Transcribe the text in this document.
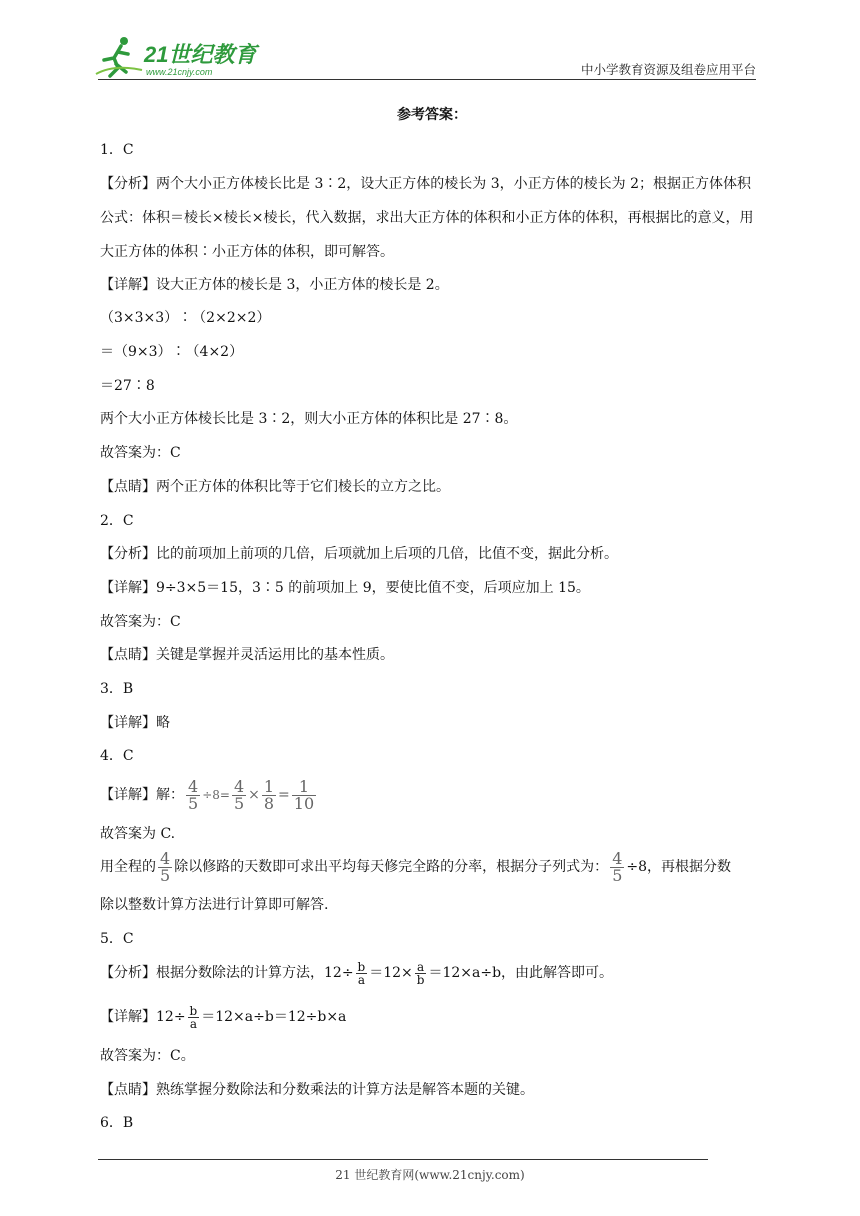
21世纪教育
www.21cnjy.com	中小学教育资源及组卷应用平台
参考答案：
1．C
【分析】两个大小正方体棱长比是 3∶2，设大正方体的棱长为 3，小正方体的棱长为 2；根据正方体体积公式：体积＝棱长×棱长×棱长，代入数据，求出大正方体的体积和小正方体的体积，再根据比的意义，用大正方体的体积∶小正方体的体积，即可解答。
【详解】设大正方体的棱长是 3，小正方体的棱长是 2。
（3×3×3）∶（2×2×2）
＝（9×3）∶（4×2）
＝27∶8
两个大小正方体棱长比是 3∶2，则大小正方体的体积比是 27∶8。
故答案为：C
【点睛】两个正方体的体积比等于它们棱长的立方之比。
2．C
【分析】比的前项加上前项的几倍，后项就加上后项的几倍，比值不变，据此分析。
【详解】9÷3×5＝15，3∶5 的前项加上 9，要使比值不变，后项应加上 15。
故答案为：C
【点睛】关键是掌握并灵活运用比的基本性质。
3．B
【详解】略
4．C
【详解】解： $\frac{4}{5} \div 8= \frac{4}{5} \times \frac{1}{8} = \frac{1}{10}$
故答案为 C.
用全程的 $\frac{4}{5}$ 除以修路的天数即可求出平均每天修完全路的分率，根据分子列式为： $\frac{4}{5} \div 8$，再根据分数
除以整数计算方法进行计算即可解答.
5．C
【分析】根据分数除法的计算方法，$12\div \frac{b}{a} =12\times \frac{a}{b} =12\times a\div b$，由此解答即可。
【详解】$12\div \frac{b}{a} =12\times a\div b=12\div b\times a$
故答案为：C。
【点睛】熟练掌握分数除法和分数乘法的计算方法是解答本题的关键。
6．B
21 世纪教育网(www.21cnjy.com)
